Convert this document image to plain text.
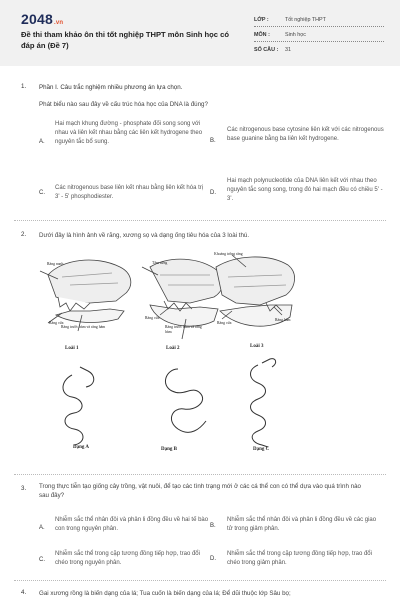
2048.vn
Đề thi tham khảo ôn thi tốt nghiệp THPT môn Sinh học có đáp án (Đề 7)
LỚP :	Tốt nghiệp THPT
MÔN :	Sinh học
SỐ CÂU : 31
1. Phần I. Câu trắc nghiệm nhiều phương án lựa chọn.
Phát biểu nào sau đây về cấu trúc hóa học của DNA là đúng?
A.
Hai mạch khung đường - phosphate đối song song với nhau và liên kết nhau bằng các liên kết hydrogene theo nguyên tắc bổ sung.	B.
Các nitrogenous base cytosine liên kết với các nitrogenous base guanine bằng ba liên kết hydrogene.
C.
Các nitrogenous base liên kết nhau bằng liên kết hóa trị 3' - 5' phosphodiester.
D.
Hai mạch polynucleotide của DNA liên kết với nhau theo nguyên tắc song song, trong đó hai mạch đều có chiều 5' - 3'.
2. Dưới đây là hình ảnh về răng, xương sọ và dạng ống tiêu hóa của 3 loài thú.
Răng nanh	Tấm sừng
Khoảng trống răng
Răng cửa
Răng trước hàm và răng hàm
Răng cửa
Răng trước hàm và răng hàm
Răng cửa
Răng hàm
Loài 1	Loài 2	Loài 3
Dạng A	Dạng B	Dạng C
3. Trong thực tiễn tạo giống cây trồng, vật nuôi, để tạo các tình trạng mới ở các cá thể con có thể dựa vào quá trình nào sau đây?
A.
Nhiễm sắc thể nhân đôi và phân li đồng đều về hai tế bào con trong nguyên phân.	B.
Nhiễm sắc thể nhân đôi và phân li đồng đều về các giao tử trong giảm phân.
C.
Nhiễm sắc thể trong cặp tương đồng tiếp hợp, trao đổi chéo trong nguyên phân.
D.
Nhiễm sắc thể trong cặp tương đồng tiếp hợp, trao đổi chéo trong giảm phân.
4. Gai xương rồng là biến dạng của lá; Tua cuốn là biến dạng của lá; Để dũi thuộc lớp Sâu bọ;
